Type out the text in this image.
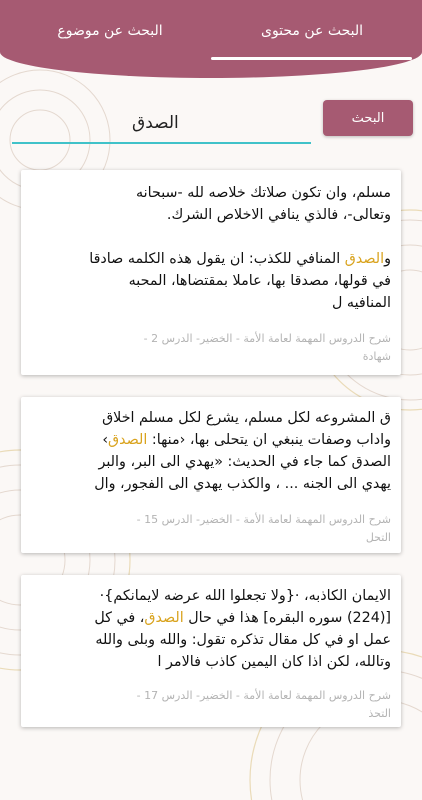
البحث عن محتوى
البحث عن موضوع
البحث
الصدق
مسلم، وان تكون صلاتك خلاصه لله -سبحانه
وتعالى-، فالذي ينافي الاخلاص الشرك.

والصدق المنافي للكذب: ان يقول هذه الكلمه صادقا
في قولها، مصدقا بها، عاملا بمقتضاها، المحبه
المنافيه ل
شرح الدروس المهمة لعامة الأمة - الخضير- الدرس 2 -
شهادة
ق المشروعه لكل مسلم، يشرع لكل مسلم اخلاق
واداب وصفات ينبغي ان يتحلى بها، ‹منها: الصدق›
الصدق كما جاء في الحديث: «يهدي الى البر، والبر
يهدي الى الجنه ... ، والكذب يهدي الى الفجور، وال
شرح الدروس المهمة لعامة الأمة - الخضير- الدرس 15 -
التحل
الايمان الكاذبه، ·{ولا تجعلوا الله عرضه لايمانكم}·
[(224) سوره البقره] هذا في حال الصدق، في كل
عمل او في كل مقال تذكره تقول: والله وبلى والله
وتالله، لكن اذا كان اليمين كاذب فالامر ا
شرح الدروس المهمة لعامة الأمة - الخضير- الدرس 17 -
التحذ
